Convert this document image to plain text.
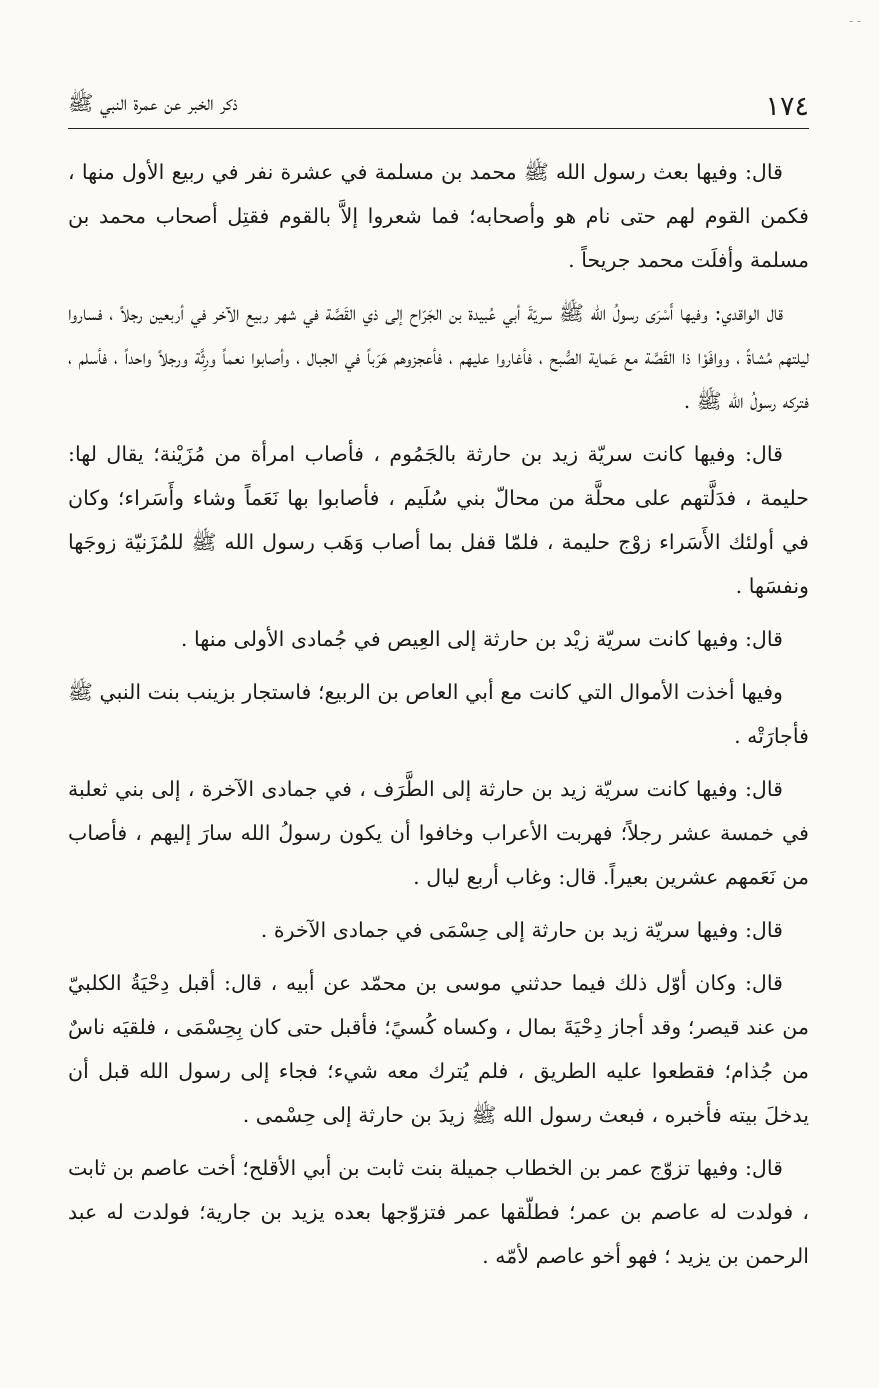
- -
١٧٤
ذكر الخبر عن عمرة النبي ﷺ

قال: وفيها بعث رسول الله ﷺ محمد بن مسلمة في عشرة نفر في ربيع الأول منها ، فكمن القوم لهم حتى نام هو وأصحابه؛ فما شعروا إلاَّ بالقوم فقتِل أصحاب محمد بن مسلمة وأفلَت محمد جريحاً .

قال الواقدي: وفيها أَسْرَى رسولُ الله ﷺ سريّةَ أبي عُبيدة بن الجَرّاح إلى ذي القَصَّة في شهر ربيع الآخر في أربعين رجلاً ، فساروا ليلتهم مُشاةً ، ووافَوْا ذا القَصَّة مع عَماية الصُّبح ، فأغاروا عليهم ، فأعجزوهم هَرَباً في الجبال ، وأصابوا نعماً ورِثَّة ورجلاً واحداً ، فأسلم ، فتركه رسولُ الله ﷺ .

قال: وفيها كانت سريّة زيد بن حارثة بالجَمُوم ، فأصاب امرأة من مُزَيْنة؛ يقال لها: حليمة ، فدَلَّتهم على محلَّة من محالّ بني سُلَيم ، فأصابوا بها نَعَماً وشاء وأَسَراء؛ وكان في أولئك الأَسَراء زوْج حليمة ، فلمّا قفل بما أصاب وَهَب رسول الله ﷺ للمُزَنيّة زوجَها ونفسَها .

قال: وفيها كانت سريّة زيْد بن حارثة إلى العِيص في جُمادى الأولى منها .

وفيها أخذت الأموال التي كانت مع أبي العاص بن الربيع؛ فاستجار بزينب بنت النبي ﷺ فأجارَتْه .

قال: وفيها كانت سريّة زيد بن حارثة إلى الطَّرَف ، في جمادى الآخرة ، إلى بني ثعلبة في خمسة عشر رجلاً؛ فهربت الأعراب وخافوا أن يكون رسولُ الله سارَ إليهم ، فأصاب من نَعَمهم عشرين بعيراً. قال: وغاب أربع ليال .

قال: وفيها سريّة زيد بن حارثة إلى حِسْمَى في جمادى الآخرة .

قال: وكان أوّل ذلك فيما حدثني موسى بن محمّد عن أبيه ، قال: أقبل دِحْيَةُ الكلبيّ من عند قيصر؛ وقد أجاز دِحْيَةَ بمال ، وكساه كُسيً؛ فأقبل حتى كان بِحِسْمَى ، فلقيَه ناسٌ من جُذام؛ فقطعوا عليه الطريق ، فلم يُترك معه شيء؛ فجاء إلى رسول الله قبل أن يدخلَ بيته فأخبره ، فبعث رسول الله ﷺ زيدَ بن حارثة إلى حِسْمى .

قال: وفيها تزوّج عمر بن الخطاب جميلة بنت ثابت بن أبي الأقلح؛ أخت عاصم بن ثابت ، فولدت له عاصم بن عمر؛ فطلّقها عمر فتزوّجها بعده يزيد بن جارية؛ فولدت له عبد الرحمن بن يزيد ؛ فهو أخو عاصم لأمّه .
